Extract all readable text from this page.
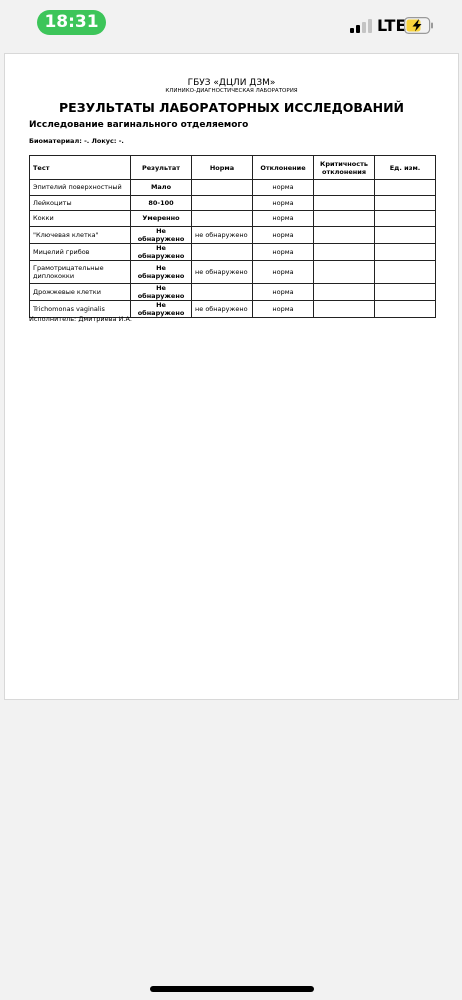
18:31	LTE
ГБУЗ «ДЦЛИ ДЗМ»
КЛИНИКО-ДИАГНОСТИЧЕСКАЯ ЛАБОРАТОРИЯ
РЕЗУЛЬТАТЫ ЛАБОРАТОРНЫХ ИССЛЕДОВАНИЙ
Исследование вагинального отделяемого
Биоматериал: -. Локус: -.
Тест	Результат	Норма	Отклонение	Критичность отклонения	Ед. изм.
Эпителий поверхностный	Мало		норма		
Лейкоциты	80-100		норма		
Кокки	Умеренно		норма		
"Ключевая клетка"	Не обнаружено	не обнаружено	норма		
Мицелий грибов	Не обнаружено		норма		
Грамотрицательные диплококки	Не обнаружено	не обнаружено	норма		
Дрожжевые клетки	Не обнаружено		норма		
Trichomonas vaginalis	Не обнаружено	не обнаружено	норма		
Исполнитель: Дмитриева И.А.
